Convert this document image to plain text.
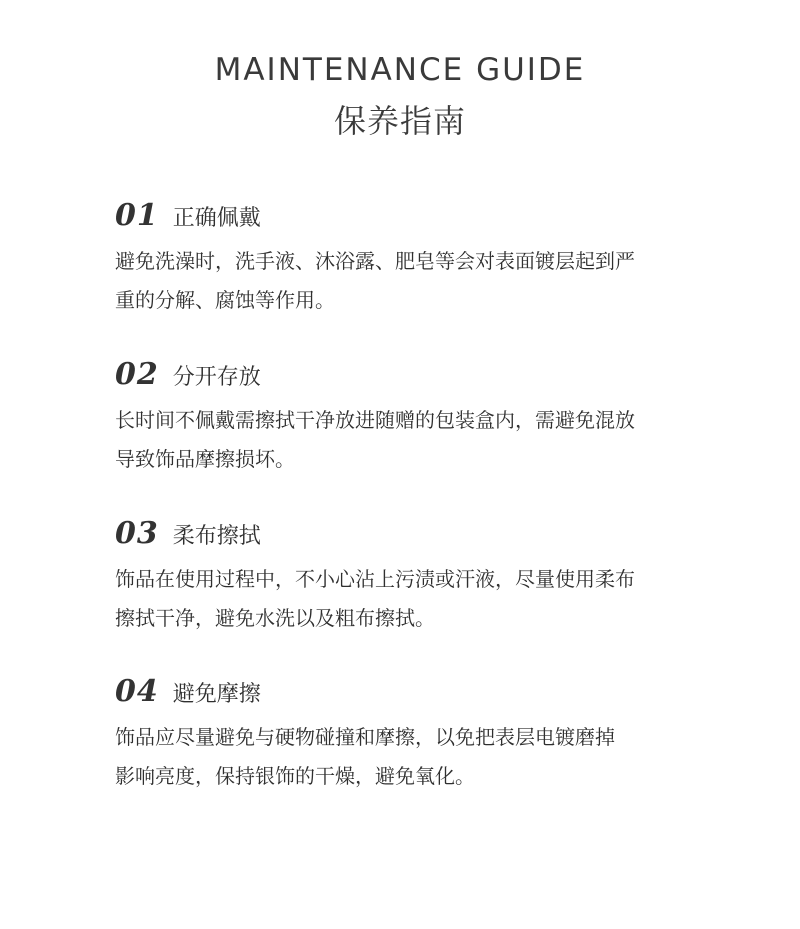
MAINTENANCE GUIDE
保养指南
01 正确佩戴
避免洗澡时，洗手液、沐浴露、肥皂等会对表面镀层起到严
重的分解、腐蚀等作用。
02 分开存放
长时间不佩戴需擦拭干净放进随赠的包装盒内，需避免混放
导致饰品摩擦损坏。
03 柔布擦拭
饰品在使用过程中，不小心沾上污渍或汗液，尽量使用柔布
擦拭干净，避免水洗以及粗布擦拭。
04 避免摩擦
饰品应尽量避免与硬物碰撞和摩擦，以免把表层电镀磨掉
影响亮度，保持银饰的干燥，避免氧化。
